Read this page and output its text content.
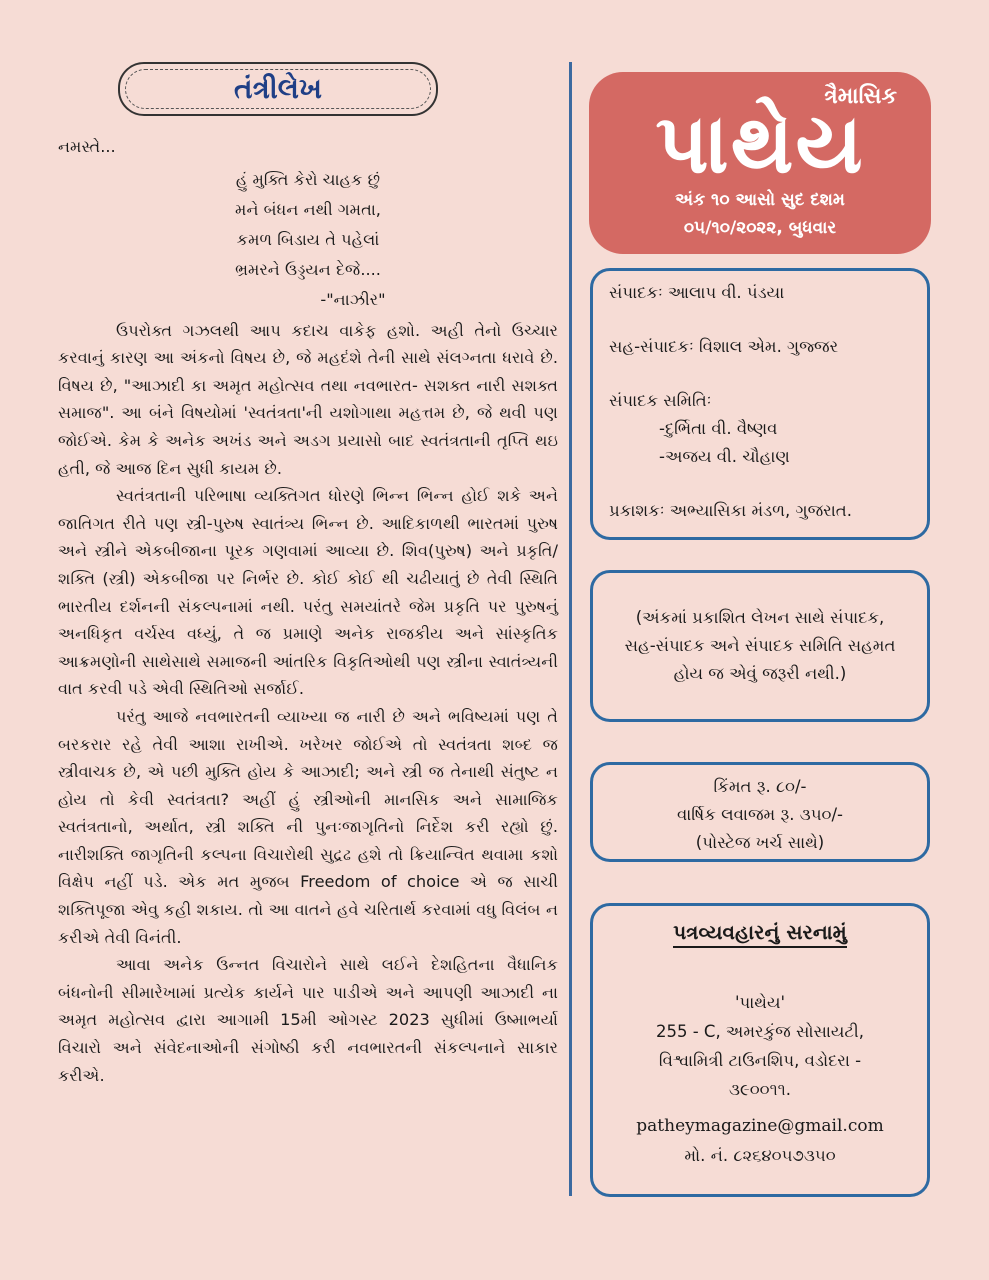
તંત્રીલેખ

નમસ્તે...

હું મુક્તિ કેરો ચાહક છું
મને બંધન નથી ગમતા,
કમળ બિડાય તે પહેલાં
ભ્રમરને ઉડ્ડયન દેજે....
-"નાઝીર"

ઉપરોક્ત ગઝલથી આપ કદાચ વાકેફ હશો. અહી તેનો ઉચ્ચાર કરવાનું કારણ આ અંકનો વિષય છે, જે મહદંશે તેની સાથે સંલગ્નતા ધરાવે છે. વિષય છે, "આઝાદી કા અમૃત મહોત્સવ તથા નવભારત- સશક્ત નારી સશક્ત સમાજ". આ બંને વિષયોમાં 'સ્વતંત્રતા'ની યશોગાથા મહત્તમ છે, જે થવી પણ જોઈએ. કેમ કે અનેક અખંડ અને અડગ પ્રયાસો બાદ સ્વતંત્રતાની તૃપ્તિ થઇ હતી, જે આજ દિન સુધી કાયમ છે.

સ્વતંત્રતાની પરિભાષા વ્યક્તિગત ધોરણે ભિન્ન ભિન્ન હોઈ શકે અને જાતિગત રીતે પણ સ્ત્રી-પુરુષ સ્વાતંત્ર્ય ભિન્ન છે. આદિકાળથી ભારતમાં પુરુષ અને સ્ત્રીને એકબીજાના પૂરક ગણવામાં આવ્યા છે. શિવ(પુરુષ) અને પ્રકૃતિ/શક્તિ (સ્ત્રી) એકબીજા પર નિર્ભર છે. કોઈ કોઈ થી ચઢીયાતું છે તેવી સ્થિતિ ભારતીય દર્શનની સંકલ્પનામાં નથી. પરંતુ સમયાંતરે જેમ પ્રકૃતિ પર પુરુષનું અનધિકૃત વર્ચસ્વ વધ્યું, તે જ પ્રમાણે અનેક રાજકીય અને સાંસ્કૃતિક આક્રમણોની સાથેસાથે સમાજની આંતરિક વિકૃતિઓથી પણ સ્ત્રીના સ્વાતંત્ર્યની વાત કરવી પડે એવી સ્થિતિઓ સર્જાઈ.

પરંતુ આજે નવભારતની વ્યાખ્યા જ નારી છે અને ભવિષ્યમાં પણ તે બરકરાર રહે તેવી આશા રાખીએ. ખરેખર જોઈએ તો સ્વતંત્રતા શબ્દ જ સ્ત્રીવાચક છે, એ પછી મુક્તિ હોય કે આઝાદી; અને સ્ત્રી જ તેનાથી સંતુષ્ટ ન હોય તો કેવી સ્વતંત્રતા? અહીં હું સ્ત્રીઓની માનસિક અને સામાજિક સ્વતંત્રતાનો, અર્થાત, સ્ત્રી શક્તિ ની પુનઃજાગૃતિનો નિર્દેશ કરી રહ્યો છું. નારીશક્તિ જાગૃતિની કલ્પના વિચારોથી સુદ્રઢ હશે તો ક્રિયાન્વિત થવામા કશો વિક્ષેપ નહીં પડે. એક મત મુજબ Freedom of choice એ જ સાચી શક્તિપૂજા એવુ કહી શકાય. તો આ વાતને હવે ચરિતાર્થ કરવામાં વધુ વિલંબ ન કરીએ તેવી વિનંતી.

આવા અનેક ઉન્નત વિચારોને સાથે લઈને દેશહિતના વૈધાનિક બંધનોની સીમારેખામાં પ્રત્યેક કાર્યને પાર પાડીએ અને આપણી આઝાદી ના અમૃત મહોત્સવ દ્વારા આગામી 15મી ઓગસ્ટ 2023 સુધીમાં ઉષ્માભર્યા વિચારો અને સંવેદનાઓની સંગોષ્ઠી કરી નવભારતની સંકલ્પનાને સાકાર કરીએ.

ત્રૈમાસિક
પાથેય
અંક ૧૦ આસો સુદ દશમ
૦૫/૧૦/૨૦૨૨, બુધવાર

સંપાદકઃ આલાપ વી. પંડયા

સહ-સંપાદકઃ વિશાલ એમ. ગુજ્જર

સંપાદક સમિતિઃ

-દુર્ભિતા વી. વૈષ્ણવ

-અજય વી. ચૌહાણ

પ્રકાશકઃ અભ્યાસિકા મંડળ, ગુજરાત.

(અંકમાં પ્રકાશિત લેખન સાથે સંપાદક, સહ-સંપાદક અને સંપાદક સમિતિ સહમત હોય જ એવું જરૂરી નથી.)
કિંમત રૂ. ૮૦/-
વાર્ષિક લવાજમ રૂ. ૩૫૦/-
(પોસ્ટેજ ખર્ચ સાથે)
પત્રવ્યવહારનું સરનામું
'પાથેય'
255 - C, અમરકુંજ સોસાયટી,
વિશ્વામિત્રી ટાઉનશિપ, વડોદરા -
૩૯૦૦૧૧.
patheymagazine@gmail.com
મો. નં. ૮૨૬૪૦૫૭૩૫૦
